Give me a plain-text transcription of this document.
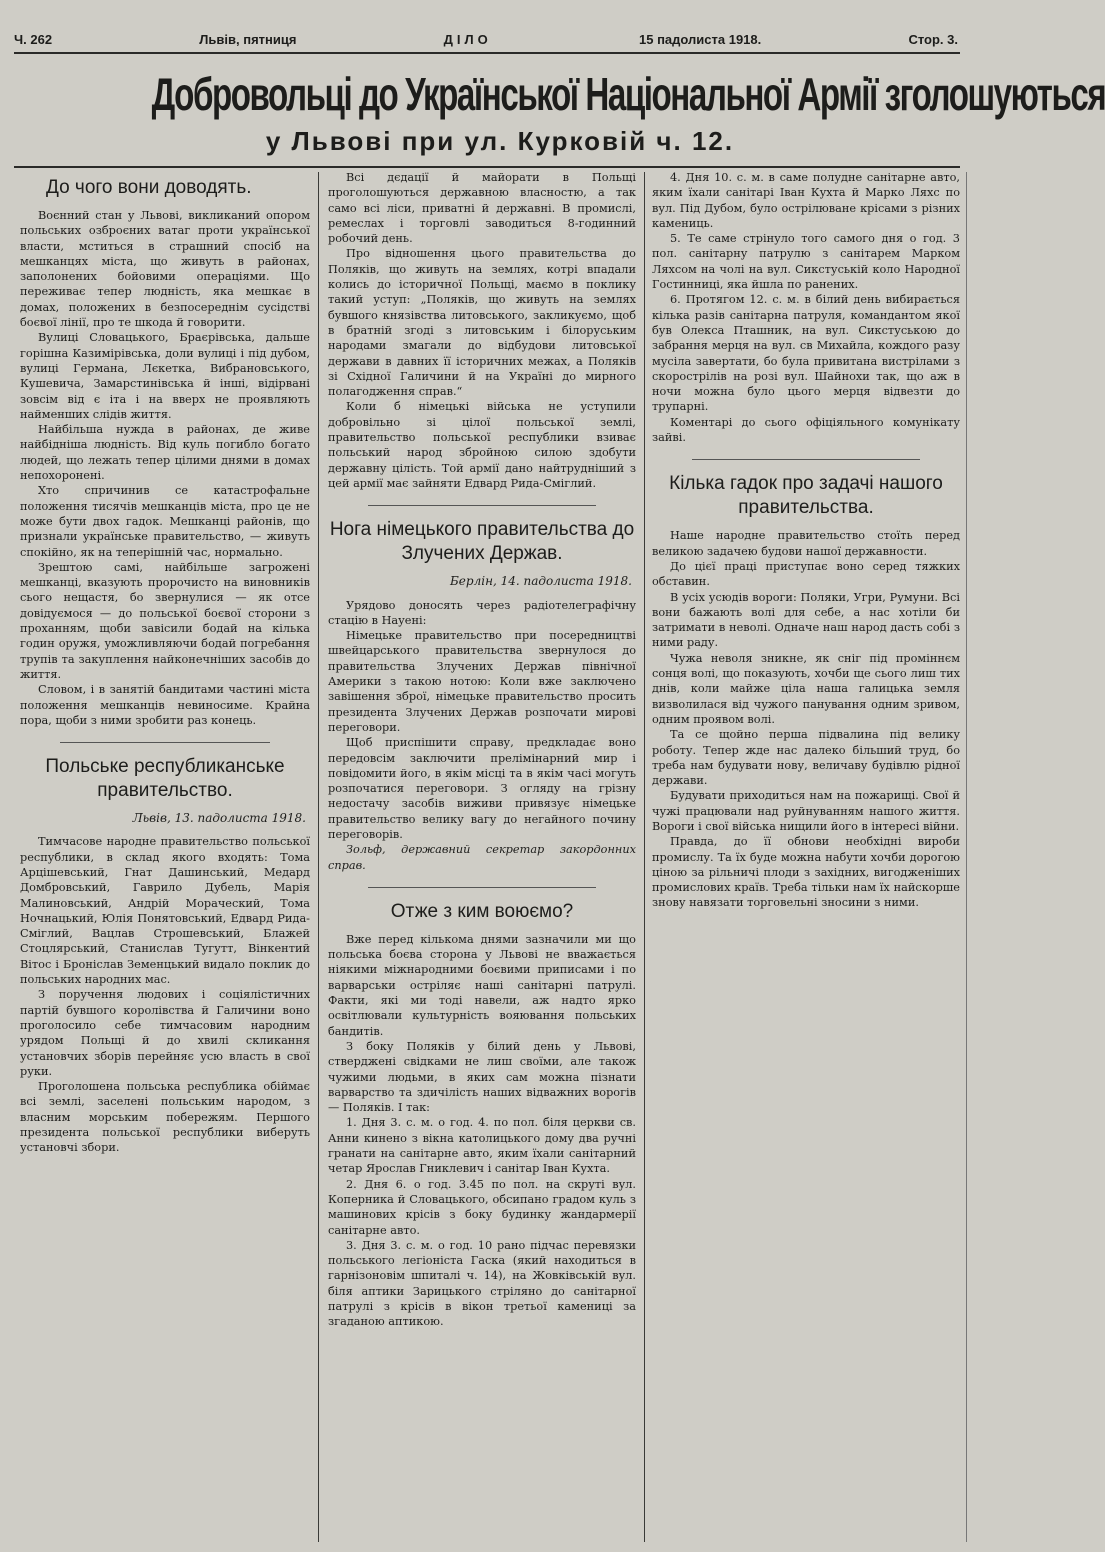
Ч. 262	Львів, пятниця	ДІЛО	15 падолиста 1918.	Стор. 3.
Добровольці до Української Національної Армії зголошуються
у Львові при ул. Курковій ч. 12.
До чого вони доводять.

Воєнний стан у Львові, викликаний опором польських озброєних ватаг проти української власти, мститься в страшний спосіб на мешканцях міста, що живуть в районах, заполонених бойовими операціями. Що переживає тепер людність, яка мешкає в домах, положених в безпосереднім сусідстві боєвої лінії, про те шкода й говорити.

Вулиці Словацького, Браєрівська, дальше горішна Казимірівська, доли вулиці і під дубом, вулиці Германа, Лєкетка, Вибрановського, Кушевича, Замарстинівська й інші, відірвані зовсім від є іта і на вверх не проявляють найменших слідів життя.

Найбільша нужда в районах, де живе найбідніша людність. Від куль погибло богато людей, що лежать тепер цілими днями в домах непохоронені.

Хто спричинив се катастрофальне положення тисячів мешканців міста, про це не може бути двох гадок. Мешканці районів, що признали українське правительство, — живуть спокійно, як на теперішній час, нормально.

Зрештою самі, найбільше загрожені мешканці, вказують пророчисто на виновників сього нещастя, бо звернулися — як отсе довідуємося — до польської боєвої сторони з проханням, щоби завісили бодай на кілька годин оружя, уможливляючи бодай погребання трупів та закуплення найконечніших засобів до життя.

Словом, і в занятій бандитами частині міста положення мешканців невиносиме. Крайна пора, щоби з ними зробити раз конець.

Польське республиканське правительство.
Львів, 13. падолиста 1918.

Тимчасове народне правительство польської республики, в склад якого входять: Тома Арцішевський, Гнат Дашинський, Медард Домбровський, Гаврило Дубель, Марія Малиновський, Андрій Мораческий, Тома Ночнацький, Юлія Понятовський, Едвард Рида-Сміглий, Вацлав Строшевський, Блажей Стоцлярський, Станислав Тугутт, Вінкентий Вітос і Броніслав Земенцький видало поклик до польських народних мас.

З поручення людових і соціялістичних партій бувшого королівства й Галичини воно проголосило себе тимчасовим народним урядом Польщі й до хвилі скликання установчих зборів перейняє усю власть в свої руки.

Проголошена польська республика обіймає всі землі, заселені польським народом, з власним морським побережям. Першого президента польської республики виберуть установчі збори.

Всі дєдації й майорати в Польщі проголошуються державною власностю, а так само всі ліси, приватні й державні. В промислі, ремеслах і торговлі заводиться 8-годинний робочий день.

Про відношення цього правительства до Поляків, що живуть на землях, котрі впадали колись до історичної Польщі, маємо в поклику такий уступ: „Поляків, що живуть на землях бувшого князівства литовського, закликуємо, щоб в братній згоді з литовським і білоруським народами змагали до відбудови литовської держави в давних її історичних межах, а Поляків зі Східної Галичини й на Україні до мирного полагодження справ.“

Коли б німецькі війська не уступили добровільно зі цілої польської землі, правительство польської республики взиває польський народ збройною силою здобути державну цілість. Той армії дано найтрудніший з цей армії має зайняти Едвард Рида-Сміглий.

Нога німецького правительства до Злучених Держав.
Берлін, 14. падолиста 1918.

Урядово доносять через радіотелеграфічну стацію в Науені:

Німецьке правительство при посередництві швейцарського правительства звернулося до правительства Злучених Держав північної Америки з такою нотою: Коли вже заключено завішення зброї, німецьке правительство просить президента Злучених Держав розпочати мирові переговори.

Щоб приспішити справу, предкладає воно передовсім заключити прелімінарний мир і повідомити його, в якім місці та в якім часі могуть розпочатися переговори. З огляду на грізну недостачу засобів виживи привязує німецьке правительство велику вагу до негайного почину переговорів.

Зольф, державний секретар закордонних справ.

Отже з ким воюємо?

Вже перед кількома днями зазначили ми що польська боєва сторона у Львові не вважається ніякими міжнародними боєвими приписами і по варварськи остріляє наші санітарні патрулі. Факти, які ми тоді навели, аж надто ярко освітлювали культурність вояювання польських бандитів.

З боку Поляків у білий день у Львові, стверджені свідками не лиш своїми, але також чужими людьми, в яких сам можна пізнати варварство та здичілість наших відважних ворогів — Поляків. І так:

1. Дня 3. с. м. о год. 4. по пол. біля церкви св. Анни кинено з вікна католицького дому два ручні гранати на санітарне авто, яким їхали санітарний четар Ярослав Гниклевич і санітар Іван Кухта.

2. Дня 6. о год. 3.45 по пол. на скруті вул. Коперника й Словацького, обсипано градом куль з машинових крісів з боку будинку жандармерії санітарне авто.

3. Дня 3. с. м. о год. 10 рано підчас перевязки польського легіоніста Гаска (який находиться в гарнізоновім шпиталі ч. 14), на Жовківській вул. біля аптики Зарицького стріляно до санітарної патрулі з крісів в вікон третьої камениці за згаданою аптикою.

4. Дня 10. с. м. в саме полудне санітарне авто, яким їхали санітарі Іван Кухта й Марко Ляхс по вул. Під Дубом, було острілюване крісами з різних камениць.

5. Те саме стрінуло того самого дня о год. 3 пол. санітарну патрулю з санітарем Марком Ляхсом на чолі на вул. Сикстуській коло Народної Гостинниці, яка йшла по ранених.

6. Протягом 12. с. м. в білий день вибирається кілька разів санітарна патруля, командантом якої був Олекса Пташник, на вул. Сикстуською до забрання мерця на вул. св Михайла, кождого разу мусіла завертати, бо була привитана вистрілами з скорострілів на розі вул. Шайнохи так, що аж в ночи можна було цього мерця відвезти до трупарні.

Коментарі до сього офіціяльного комунікату зайві.

Кілька гадок про задачі нашого правительства.

Наше народне правительство стоїть перед великою задачею будови нашої державности.

До цієї праці приступає воно серед тяжких обставин.

В усіх усюдів вороги: Поляки, Угри, Румуни. Всі вони бажають волі для себе, а нас хотіли би затримати в неволі. Одначе наш народ дасть собі з ними раду.

Чужа неволя зникне, як сніг під проміннєм сонця волі, що показують, хочби ще сього лиш тих днів, коли майже ціла наша галицька земля визволилася від чужого панування одним зривом, одним проявом волі.

Та се щойно перша підвалина під велику роботу. Тепер жде нас далеко більший труд, бо треба нам будувати нову, величаву будівлю рідної держави.

Будувати приходиться нам на пожарищі. Свої й чужі працювали над руйнуванням нашого життя. Вороги і свої війська нищили його в інтересі війни.

Правда, до її обнови необхідні вироби промислу. Та їх буде можна набути хочби дорогою ціною за рільничі плоди з західних, вигодженіших промислових країв. Треба тільки нам їх найскорше знову навязати торговельні зносини з ними.
